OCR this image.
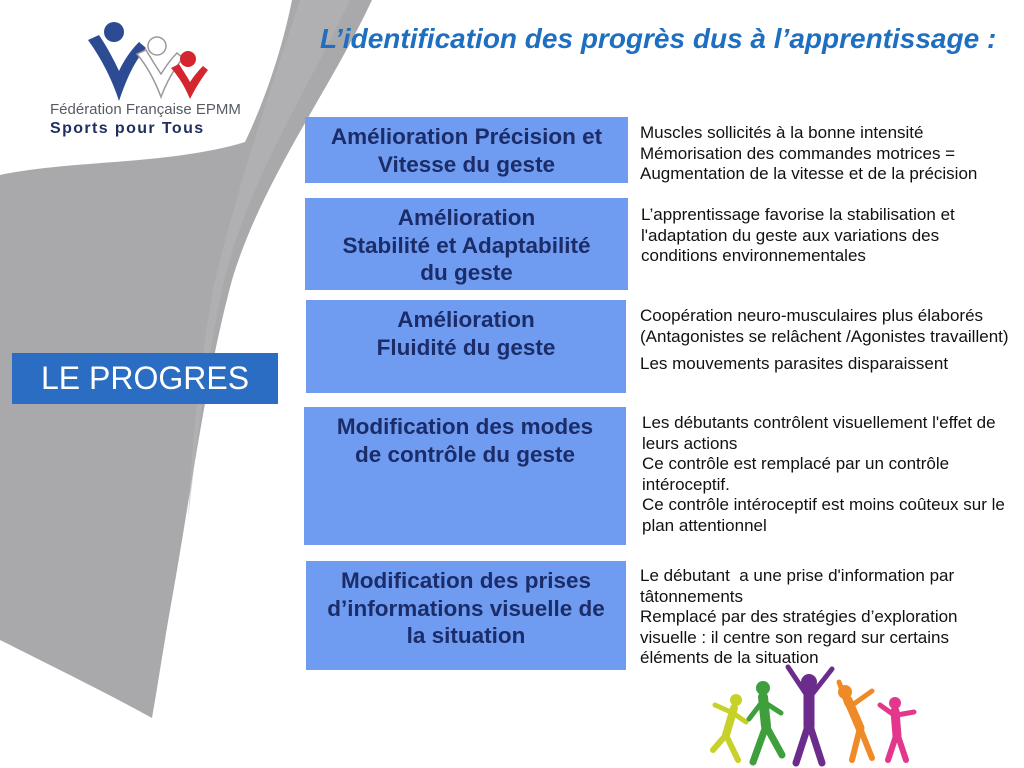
Fédération Française EPMM
Sports pour Tous
L’identification des progrès dus à l’apprentissage :
LE PROGRES
Amélioration Précision et
Vitesse du geste

Muscles sollicités à la bonne intensité
Mémorisation des commandes motrices =
Augmentation de la vitesse et de la précision

Amélioration
Stabilité et Adaptabilité
du geste

L’apprentissage favorise la stabilisation et
l'adaptation du geste aux variations des
conditions environnementales

Amélioration
Fluidité du geste

Coopération neuro-musculaires plus élaborés
(Antagonistes se relâchent /Agonistes travaillent)

Les mouvements parasites disparaissent

Modification des modes
de contrôle du geste

Les débutants contrôlent visuellement l'effet de
leurs actions
Ce contrôle est remplacé par un contrôle
intéroceptif.
Ce contrôle intéroceptif est moins coûteux sur le
plan attentionnel

Modification des prises
d’informations visuelle de
la situation

Le débutant  a une prise d'information par
tâtonnements
Remplacé par des stratégies d’exploration
visuelle : il centre son regard sur certains
éléments de la situation
